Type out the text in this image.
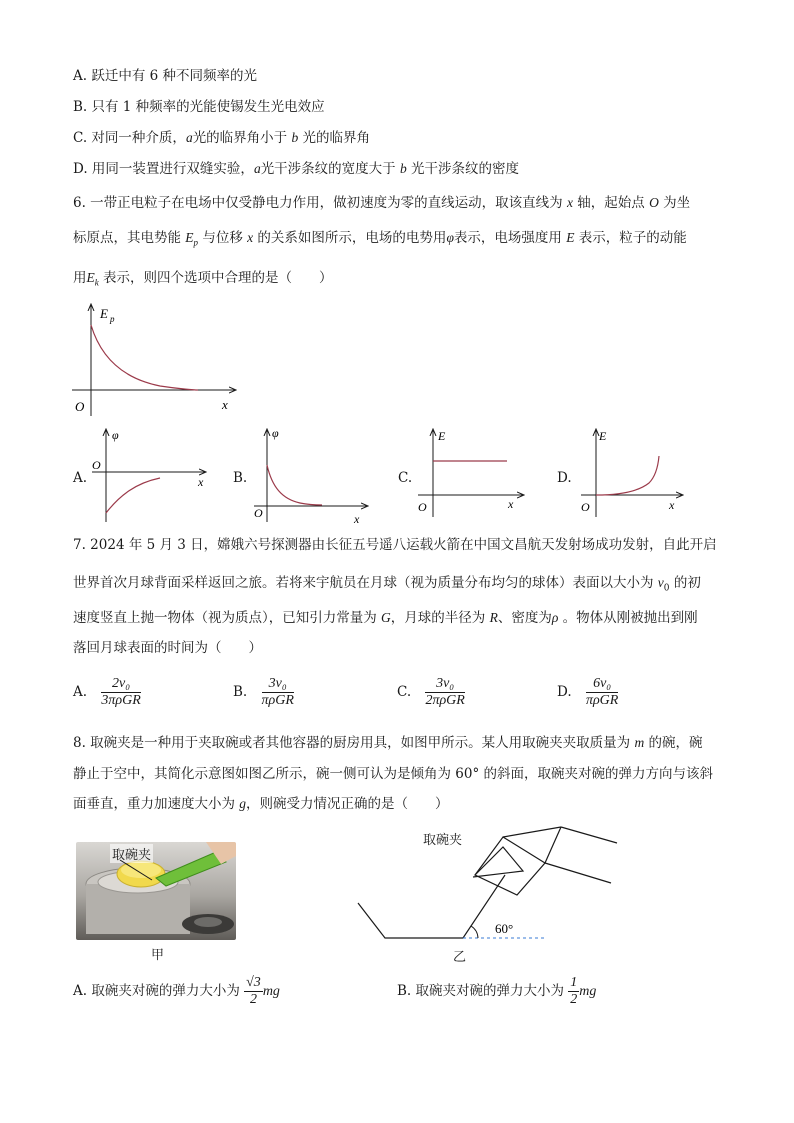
A. 跃迁中有 6 种不同频率的光
B. 只有 1 种频率的光能使锡发生光电效应
C. 对同一种介质，a光的临界角小于 b 光的临界角
D. 用同一装置进行双缝实验，a光干涉条纹的宽度大于 b 光干涉条纹的密度
6. 一带正电粒子在电场中仅受静电力作用，做初速度为零的直线运动，取该直线为 x 轴，起始点 O 为坐
标原点，其电势能 $E_p$ 与位移 x 的关系如图所示，电场的电势用φ表示，电场强度用 E 表示，粒子的动能
用$E_k$ 表示，则四个选项中合理的是（　　）
E p
O	x
A.
φ
O
x B.
φ
O	x
C.
E
O	x
D.
E
O	x
7. 2024 年 5 月 3 日，嫦娥六号探测器由长征五号遥八运载火箭在中国文昌航天发射场成功发射，自此开启
世界首次月球背面采样返回之旅。若将来宇航员在月球（视为质量分布均匀的球体）表面以大小为 $v_0$ 的初
速度竖直上抛一物体（视为质点），已知引力常量为 G，月球的半径为 R、密度为ρ 。物体从刚被抛出到刚
落回月球表面的时间为（　　）
A. $\frac{\text{2v₀}}{\text{3πρGR}}$	B. $\frac{\text{3v₀}}{\text{πρGR}}$	C. $\frac{\text{3v₀}}{\text{2πρGR}}$	D. $\frac{\text{6v₀}}{\text{πρGR}}$
8. 取碗夹是一种用于夹取碗或者其他容器的厨房用具，如图甲所示。某人用取碗夹夹取质量为 m 的碗，碗
静止于空中，其简化示意图如图乙所示，碗一侧可认为是倾角为 60° 的斜面，取碗夹对碗的弹力方向与该斜
面垂直，重力加速度大小为 g，则碗受力情况正确的是（　　）
取碗夹
甲
60°
取碗夹
乙
A. 取碗夹对碗的弹力大小为 $\frac{√3}{2}$ mg	B. 取碗夹对碗的弹力大小为 $\frac{1}{2}$ mg
